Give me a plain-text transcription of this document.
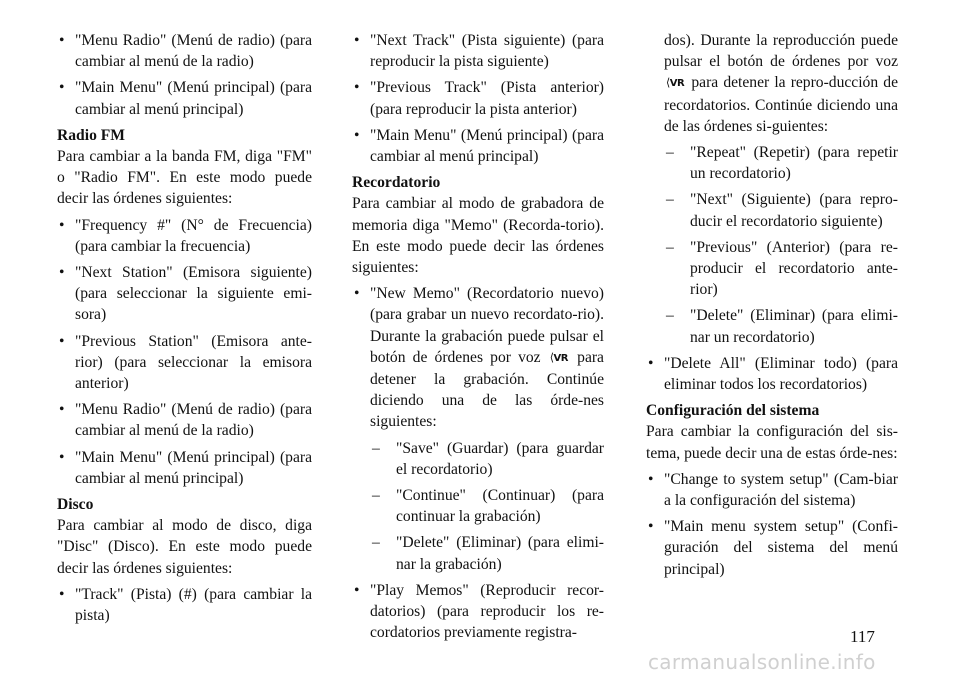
• "Menu Radio" (Menú de radio) (para cambiar al menú de la radio)

• "Main Menu" (Menú principal) (para cambiar al menú principal)

Radio FM

Para cambiar a la banda FM, diga "FM" o "Radio FM". En este modo puede decir las órdenes siguientes:

• "Frequency #" (N° de Frecuencia) (para cambiar la frecuencia)

• "Next Station" (Emisora siguiente) (para seleccionar la siguiente emi-sora)

• "Previous Station" (Emisora ante-rior) (para seleccionar la emisora anterior)

• "Menu Radio" (Menú de radio) (para cambiar al menú de la radio)

• "Main Menu" (Menú principal) (para cambiar al menú principal)

Disco

Para cambiar al modo de disco, diga "Disc" (Disco). En este modo puede decir las órdenes siguientes:

• "Track" (Pista) (#) (para cambiar la pista)

• "Next Track" (Pista siguiente) (para reproducir la pista siguiente)

• "Previous Track" (Pista anterior) (para reproducir la pista anterior)

• "Main Menu" (Menú principal) (para cambiar al menú principal)

Recordatorio

Para cambiar al modo de grabadora de memoria diga "Memo" (Recorda-torio). En este modo puede decir las órdenes siguientes:

• "New Memo" (Recordatorio nuevo) (para grabar un nuevo recordato-rio). Durante la grabación puede pulsar el botón de órdenes por voz ⟨VR para detener la grabación. Continúe diciendo una de las órde-nes siguientes:

– "Save" (Guardar) (para guardar el recordatorio)

– "Continue" (Continuar) (para continuar la grabación)

– "Delete" (Eliminar) (para elimi-nar la grabación)

• "Play Memos" (Reproducir recor-datorios) (para reproducir los re-cordatorios previamente registra-

dos). Durante la reproducción puede pulsar el botón de órdenes por voz ⟨VR para detener la repro-ducción de recordatorios. Continúe diciendo una de las órdenes si-guientes:

– "Repeat" (Repetir) (para repetir un recordatorio)

– "Next" (Siguiente) (para repro-ducir el recordatorio siguiente)

– "Previous" (Anterior) (para re-producir el recordatorio ante-rior)

– "Delete" (Eliminar) (para elimi-nar un recordatorio)

• "Delete All" (Eliminar todo) (para eliminar todos los recordatorios)

Configuración del sistema

Para cambiar la configuración del sis-tema, puede decir una de estas órde-nes:

• "Change to system setup" (Cam-biar a la configuración del sistema)

• "Main menu system setup" (Confi-guración del sistema del menú principal)

117
carmanualsonline.info
